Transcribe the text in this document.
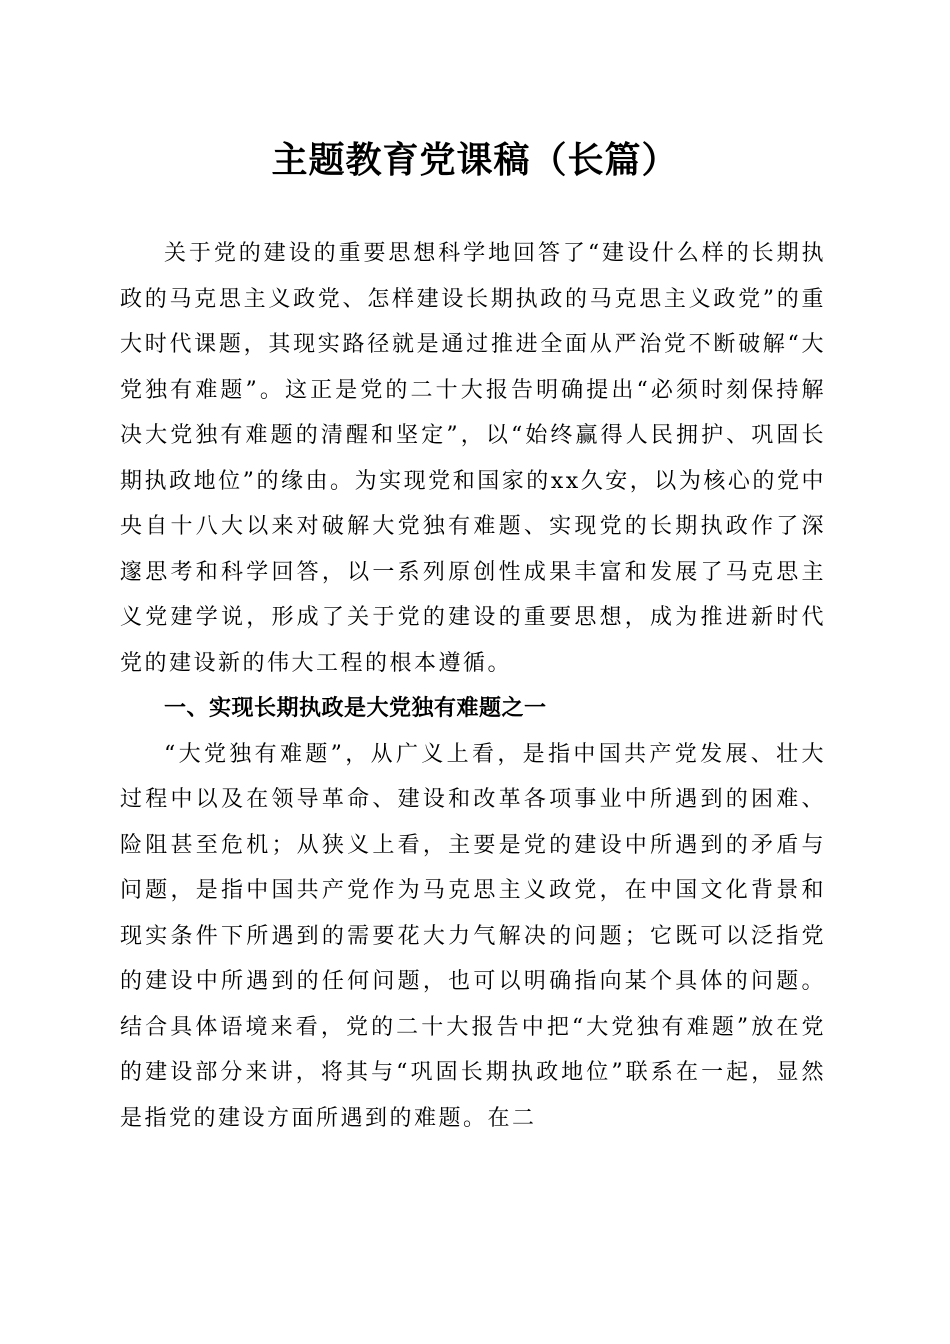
主题教育党课稿（长篇）

关于党的建设的重要思想科学地回答了“建设什么样的长期执政的马克思主义政党、怎样建设长期执政的马克思主义政党”的重大时代课题，其现实路径就是通过推进全面从严治党不断破解“大党独有难题”。这正是党的二十大报告明确提出“必须时刻保持解决大党独有难题的清醒和坚定”，以“始终赢得人民拥护、巩固长期执政地位”的缘由。为实现党和国家的xx久安，以为核心的党中央自十八大以来对破解大党独有难题、实现党的长期执政作了深邃思考和科学回答，以一系列原创性成果丰富和发展了马克思主义党建学说，形成了关于党的建设的重要思想，成为推进新时代党的建设新的伟大工程的根本遵循。

一、实现长期执政是大党独有难题之一

“大党独有难题”，从广义上看，是指中国共产党发展、壮大过程中以及在领导革命、建设和改革各项事业中所遇到的困难、险阻甚至危机；从狭义上看，主要是党的建设中所遇到的矛盾与问题，是指中国共产党作为马克思主义政党，在中国文化背景和现实条件下所遇到的需要花大力气解决的问题；它既可以泛指党的建设中所遇到的任何问题，也可以明确指向某个具体的问题。结合具体语境来看，党的二十大报告中把“大党独有难题”放在党的建设部分来讲，将其与“巩固长期执政地位”联系在一起，显然是指党的建设方面所遇到的难题。在二
